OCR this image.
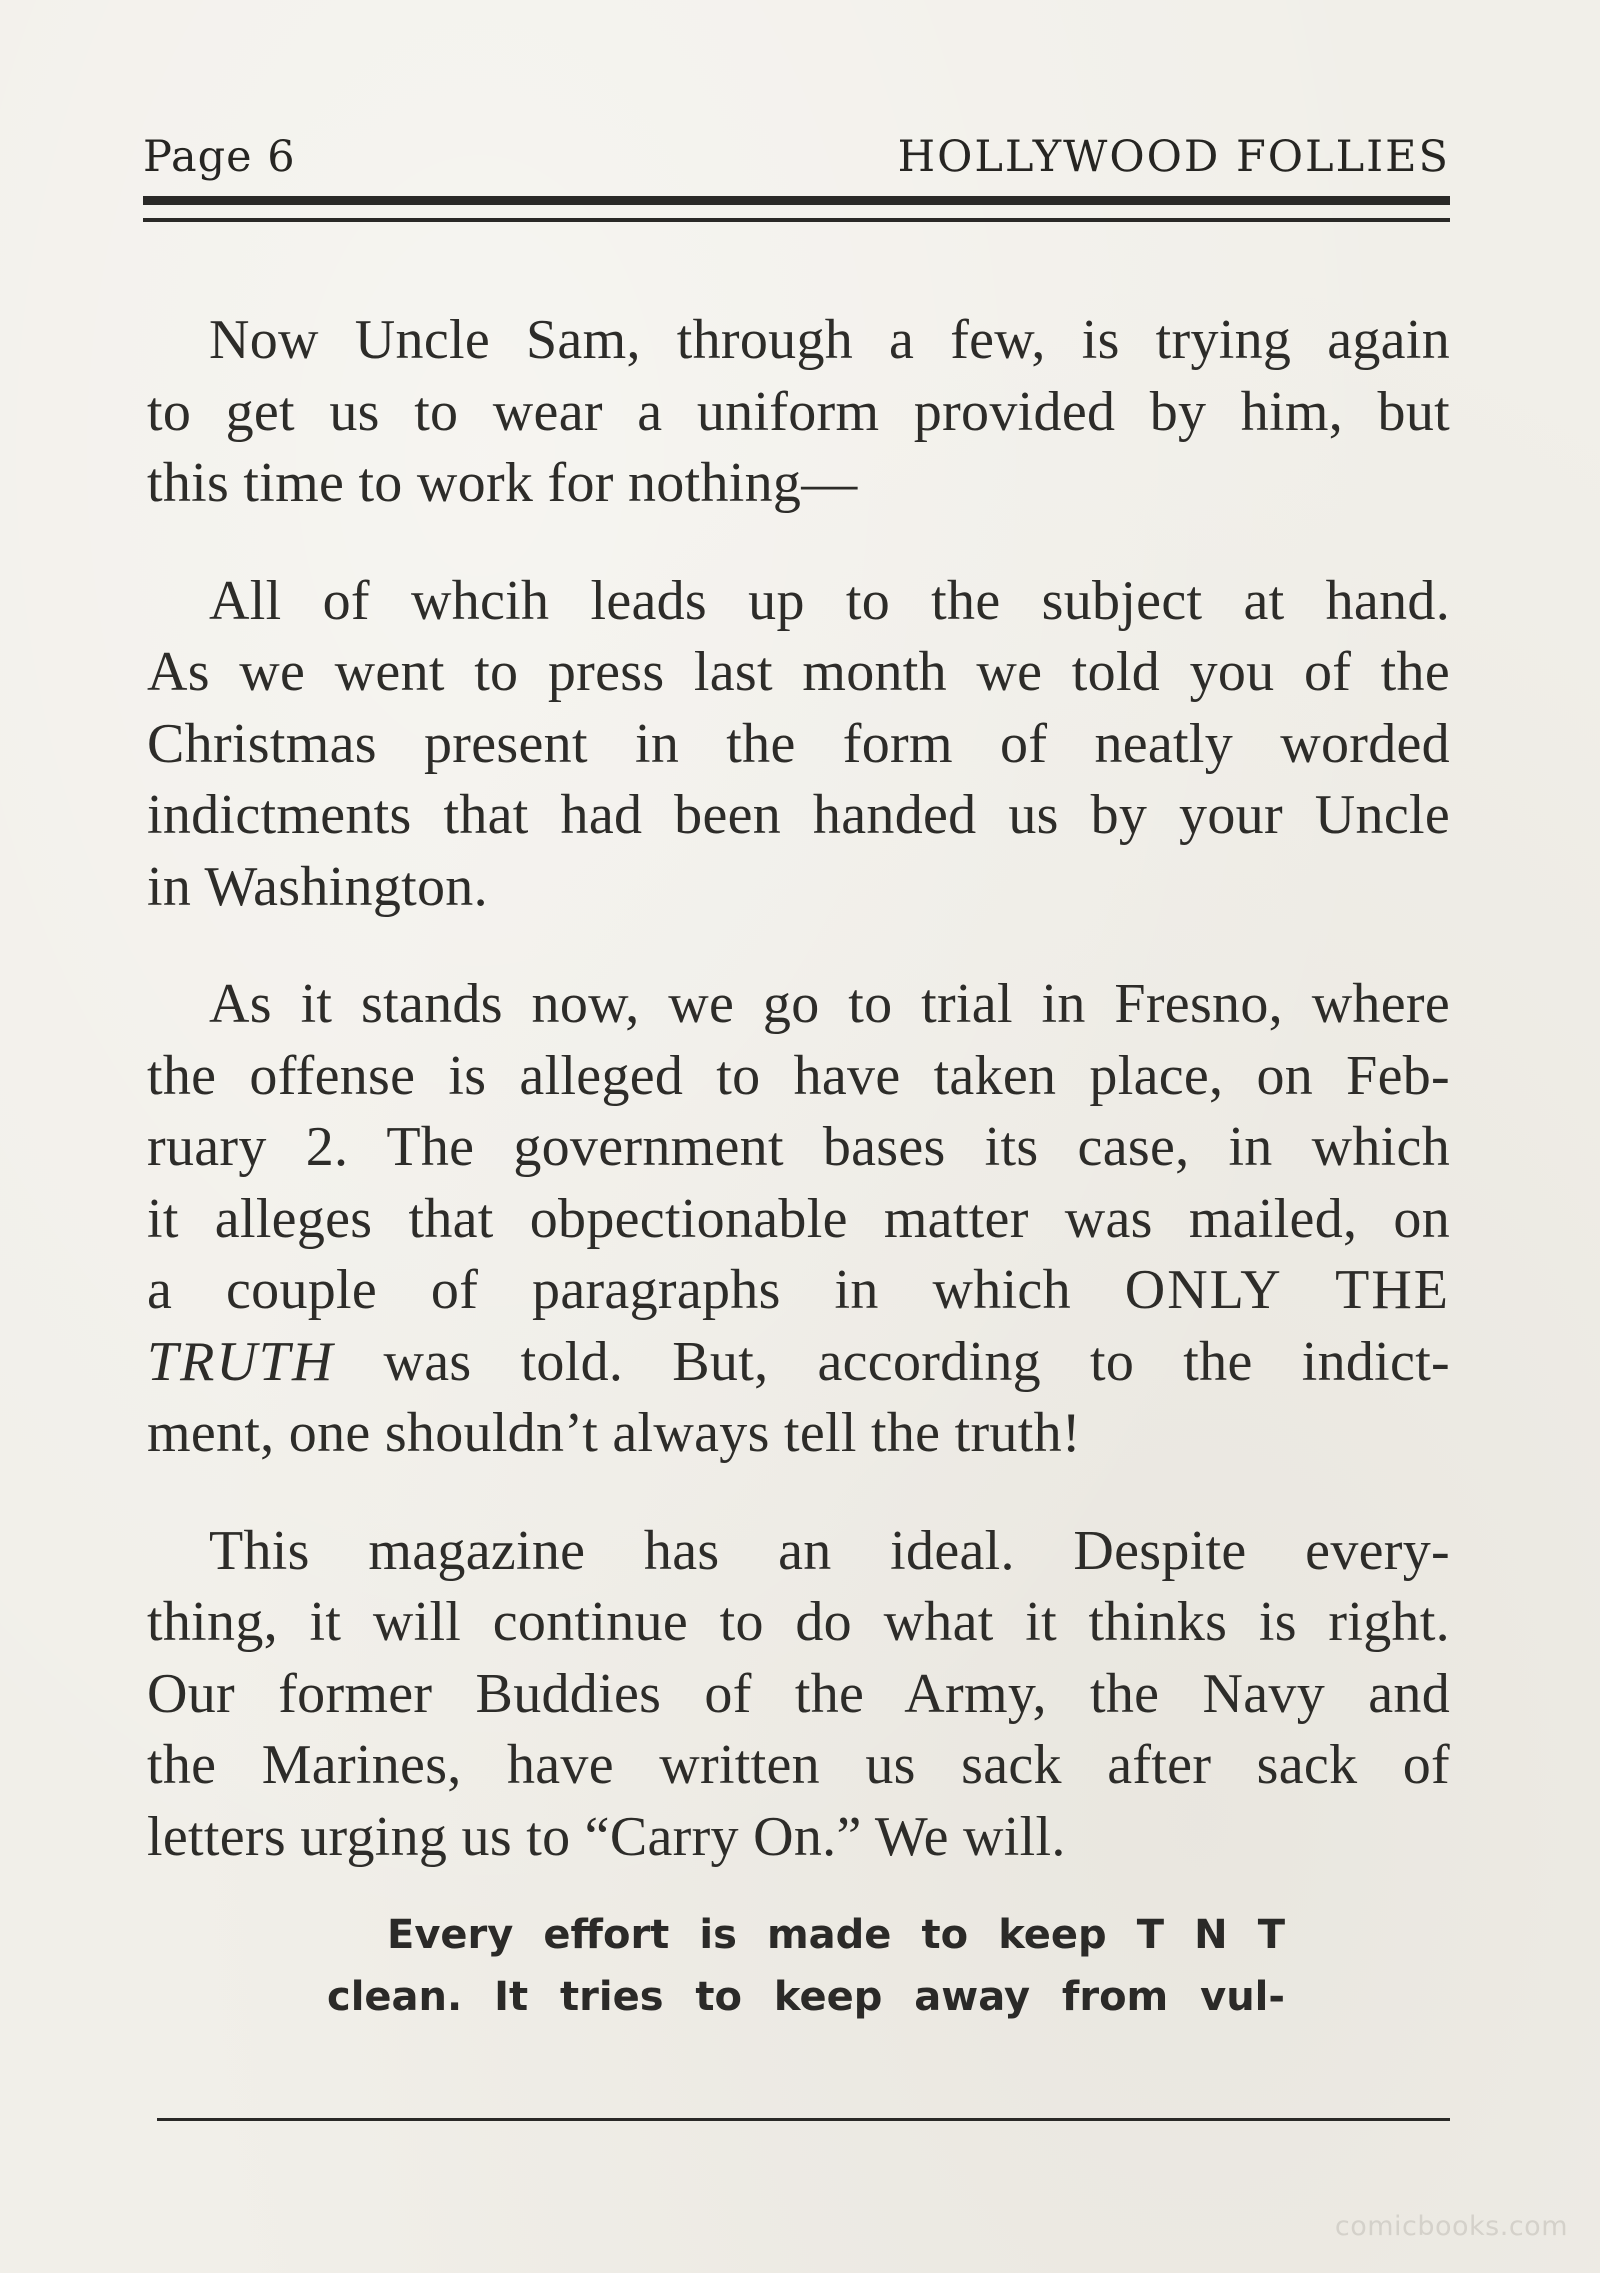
Page 6	HOLLYWOOD FOLLIES

Now Uncle Sam, through a few, is trying again
to get us to wear a uniform provided by him, but
this time to work for nothing—

All of whcih leads up to the subject at hand.
As we went to press last month we told you of the
Christmas present in the form of neatly worded
indictments that had been handed us by your Uncle
in Washington.

As it stands now, we go to trial in Fresno, where
the offense is alleged to have taken place, on Feb-
ruary 2. The government bases its case, in which
it alleges that obpectionable matter was mailed, on
a couple of paragraphs in which ONLY THE
TRUTH was told. But, according to the indict-
ment, one shouldn’t always tell the truth!

This magazine has an ideal. Despite every-
thing, it will continue to do what it thinks is right.
Our former Buddies of the Army, the Navy and
the Marines, have written us sack after sack of
letters urging us to “Carry On.” We will.

Every effort is made to keep T N T
clean. It tries to keep away from vul-
comicbooks.com
